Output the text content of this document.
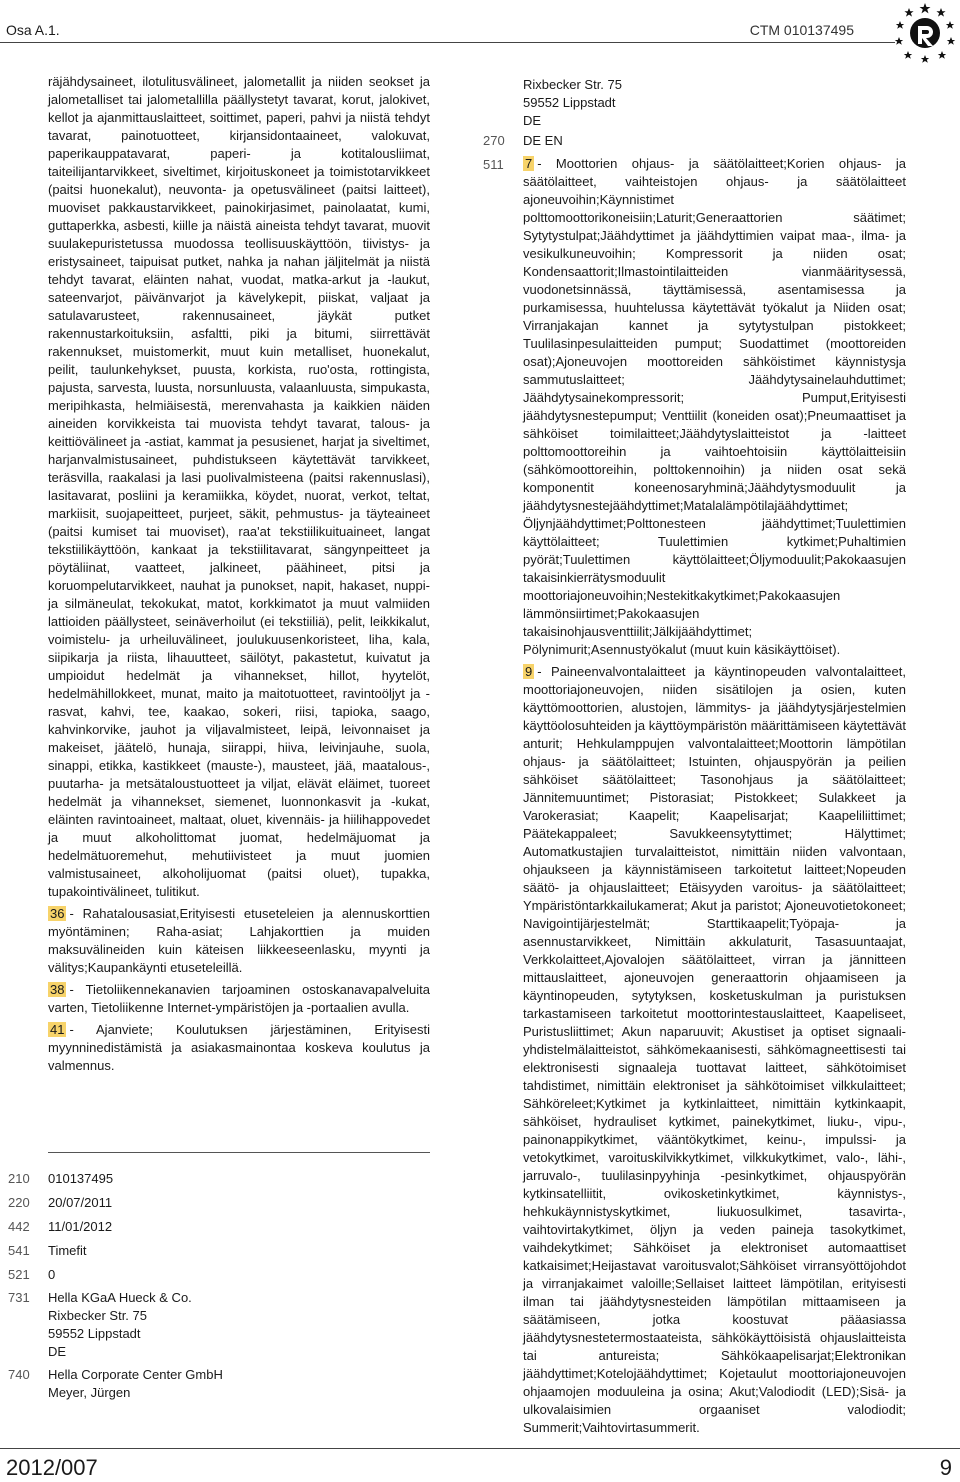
Osa A.1.	CTM 010137495

räjähdysaineet, ilotulitusvälineet, jalometallit ja niiden seokset ja jalometalliset tai jalometallilla päällystetyt tavarat, korut, jalokivet, kellot ja ajanmittauslaitteet, soittimet, paperi, pahvi ja niistä tehdyt tavarat, painotuotteet, kirjansidontaaineet, valokuvat, paperikauppatavarat, paperi- ja kotitalousliimat, taiteilijantarvikkeet, siveltimet, kirjoituskoneet ja toimistotarvikkeet (paitsi huonekalut), neuvonta- ja opetusvälineet (paitsi laitteet), muoviset pakkaustarvikkeet, painokirjasimet, painolaatat, kumi, guttaperkka, asbesti, kiille ja näistä aineista tehdyt tavarat, muovit suulakepuristetussa muodossa teollisuuskäyttöön, tiivistys- ja eristysaineet, taipuisat putket, nahka ja nahan jäljitelmät ja niistä tehdyt tavarat, eläinten nahat, vuodat, matka-arkut ja -laukut, sateenvarjot, päivänvarjot ja kävelykepit, piiskat, valjaat ja satulavarusteet, rakennusaineet, jäykät putket rakennustarkoituksiin, asfaltti, piki ja bitumi, siirrettävät rakennukset, muistomerkit, muut kuin metalliset, huonekalut, peilit, taulunkehykset, puusta, korkista, ruo'osta, rottingista, pajusta, sarvesta, luusta, norsunluusta, valaanluusta, simpukasta, meripihkasta, helmiäisestä, merenvahasta ja kaikkien näiden aineiden korvikkeista tai muovista tehdyt tavarat, talous- ja keittiövälineet ja -astiat, kammat ja pesusienet, harjat ja siveltimet, harjanvalmistusaineet, puhdistukseen käytettävät tarvikkeet, teräsvilla, raakalasi ja lasi puolivalmisteena (paitsi rakennuslasi), lasitavarat, posliini ja keramiikka, köydet, nuorat, verkot, teltat, markiisit, suojapeitteet, purjeet, säkit, pehmustus- ja täyteaineet (paitsi kumiset tai muoviset), raa'at tekstiilikuituaineet, langat tekstiilikäyttöön, kankaat ja tekstiilitavarat, sängynpeitteet ja pöytäliinat, vaatteet, jalkineet, päähineet, pitsi ja koruompelutarvikkeet, nauhat ja punokset, napit, hakaset, nuppi- ja silmäneulat, tekokukat, matot, korkkimatot ja muut valmiiden lattioiden päällysteet, seinäverhoilut (ei tekstiiliä), pelit, leikkikalut, voimistelu- ja urheiluvälineet, joulukuusenkoristeet, liha, kala, siipikarja ja riista, lihauutteet, säilötyt, pakastetut, kuivatut ja umpioidut hedelmät ja vihannekset, hillot, hyytelöt, hedelmähillokkeet, munat, maito ja maitotuotteet, ravintoöljyt ja -rasvat, kahvi, tee, kaakao, sokeri, riisi, tapioka, saago, kahvinkorvike, jauhot ja viljavalmisteet, leipä, leivonnaiset ja makeiset, jäätelö, hunaja, siirappi, hiiva, leivinjauhe, suola, sinappi, etikka, kastikkeet (mauste-), mausteet, jää, maatalous-, puutarha- ja metsätaloustuotteet ja viljat, elävät eläimet, tuoreet hedelmät ja vihannekset, siemenet, luonnonkasvit ja -kukat, eläinten ravintoaineet, maltaat, oluet, kivennäis- ja hiilihappovedet ja muut alkoholittomat juomat, hedelmäjuomat ja hedelmätuoremehut, mehutiivisteet ja muut juomien valmistusaineet, alkoholijuomat (paitsi oluet), tupakka, tupakointivälineet, tulitikut.

36 - Rahatalousasiat,Erityisesti etuseteleien ja alennuskorttien myöntäminen; Raha-asiat; Lahjakorttien ja muiden maksuvälineiden kuin käteisen liikkeeseenlasku, myynti ja välitys;Kaupankäynti etuseteleillä.

38 - Tietoliikennekanavien tarjoaminen ostoskanavapalveluita varten, Tietoliikenne Internet-ympäristöjen ja -portaalien avulla.

41 - Ajanviete; Koulutuksen järjestäminen, Erityisesti myynninedistämistä ja asiakasmainontaa koskeva koulutus ja valmennus.

210 010137495
220 20/07/2011
442 11/01/2012
541 Timefit
521 0
731 Hella KGaA Hueck & Co.
Rixbecker Str. 75
59552 Lippstadt
DE
740 Hella Corporate Center GmbH
Meyer, Jürgen
Rixbecker Str. 75
59552 Lippstadt
DE
270 DE EN
511 7 - Moottorien ohjaus- ja säätölaitteet;Korien ohjaus- ja säätölaitteet, vaihteistojen ohjaus- ja säätölaitteet ajoneuvoihin;Käynnistimet polttomoottorikoneisiin;Laturit;Generaattorien säätimet; Sytytystulpat;Jäähdyttimet ja jäähdyttimien vaipat maa-, ilma- ja vesikulkuneuvoihin; Kompressorit ja niiden osat; Kondensaattorit;Ilmastointilaitteiden vianmääritysessä, vuodonetsinnässä, täyttämisessä, asentamisessa ja purkamisessa, huuhtelussa käytettävät työkalut ja Niiden osat; Virranjakajan kannet ja sytytystulpan pistokkeet; Tuulilasinpesulaitteiden pumput; Suodattimet (moottoreiden osat);Ajoneuvojen moottoreiden sähköistimet käynnistysja sammutuslaitteet; Jäähdytysainelauhduttimet; Jäähdytysainekompressorit; Pumput,Erityisesti jäähdytysnestepumput; Venttiilit (koneiden osat);Pneumaattiset ja sähköiset toimilaitteet;Jäähdytyslaitteistot ja -laitteet polttomoottoreihin ja vaihtoehtoisiin käyttölaitteisiin (sähkömoottoreihin, polttokennoihin) ja niiden osat sekä komponentit koneenosaryhminä;Jäähdytysmoduulit ja jäähdytysnestejäähdyttimet;Matalalämpötilajäähdyttimet; Öljynjäähdyttimet;Polttonesteen jäähdyttimet;Tuulettimien käyttölaitteet; Tuulettimien kytkimet;Puhaltimien pyörät;Tuulettimen käyttölaitteet;Öljymoduulit;Pakokaasujen takaisinkierrätysmoduulit moottoriajoneuvoihin;Nestekitkakytkimet;Pakokaasujen lämmönsiirtimet;Pakokaasujen takaisinohjausventtiilit;Jälkijäähdyttimet; Pölynimurit;Asennustyökalut (muut kuin käsikäyttöiset).

9 - Paineenvalvontalaitteet ja käyntinopeuden valvontalaitteet, moottoriajoneuvojen, niiden sisätilojen ja osien, kuten käyttömoottorien, alustojen, lämmitys- ja jäähdytysjärjestelmien käyttöolosuhteiden ja käyttöympäristön määrittämiseen käytettävät anturit; Hehkulamppujen valvontalaitteet;Moottorin lämpötilan ohjaus- ja säätölaitteet; Istuinten, ohjauspyörän ja peilien sähköiset säätölaitteet; Tasonohjaus ja säätölaitteet; Jännitemuuntimet; Pistorasiat; Pistokkeet; Sulakkeet ja Varokerasiat; Kaapelit; Kaapelisarjat; Kaapeliliittimet; Päätekappaleet; Savukkeensytyttimet; Hälyttimet; Automatkustajien turvalaitteistot, nimittäin niiden valvontaan, ohjaukseen ja käynnistämiseen tarkoitetut laitteet;Nopeuden säätö- ja ohjauslaitteet; Etäisyyden varoitus- ja säätölaitteet; Ympäristöntarkkailukamerat; Akut ja paristot; Ajoneuvotietokoneet; Navigointijärjestelmät; Starttikaapelit;Työpaja- ja asennustarvikkeet, Nimittäin akkulaturit, Tasasuuntaajat, Verkkolaitteet,Ajovalojen säätölaitteet, virran ja jännitteen mittauslaitteet, ajoneuvojen generaattorin ohjaamiseen ja käyntinopeuden, sytytyksen, kosketuskulman ja puristuksen tarkastamiseen tarkoitetut moottorintestauslaitteet, Kaapeliseet, Puristusliittimet; Akun naparuuvit; Akustiset ja optiset signaali-yhdistelmälaitteistot, sähkömekaanisesti, sähkömagneettisesti tai elektronisesti signaaleja tuottavat laitteet, sähkötoimiset tahdistimet, nimittäin elektroniset ja sähkötoimiset vilkkulaitteet; Sähköreleet;Kytkimet ja kytkinlaitteet, nimittäin kytkinkaapit, sähköiset, hydrauliset kytkimet, painekytkimet, liuku-, vipu-, painonappikytkimet, vääntökytkimet, keinu-, impulssi- ja vetokytkimet, varoituskilvikkytkimet, vilkkukytkimet, valo-, lähi-, jarruvalo-, tuulilasinpyyhinja -pesinkytkimet, ohjauspyörän kytkinsatelliitit, ovikosketinkytkimet, käynnistys-, hehkukäynnistyskytkimet, liukuosulkimet, tasavirta-, vaihtovirtakytkimet, öljyn ja veden paineja tasokytkimet, vaihdekytkimet; Sähköiset ja elektroniset automaattiset katkaisimet;Heijastavat varoitusvalot;Sähköiset virransyöttöjohdot ja virranjakaimet valoille;Sellaiset laitteet lämpötilan, erityisesti ilman tai jäähdytysnesteiden lämpötilan mittaamiseen ja säätämiseen, jotka koostuvat pääasiassa jäähdytysnestetermostaateista, sähkökäyttöisistä ohjauslaitteista tai antureista; Sähkökaapelisarjat;Elektronikan jäähdyttimet;Kotelojäähdyttimet; Kojetaulut moottoriajoneuvojen ohjaamojen moduuleina ja osina; Akut;Valodiodit (LED);Sisä- ja ulkovalaisimien orgaaniset valodiodit; Summerit;Vaihtovirtasummerit.

2012/007	9
